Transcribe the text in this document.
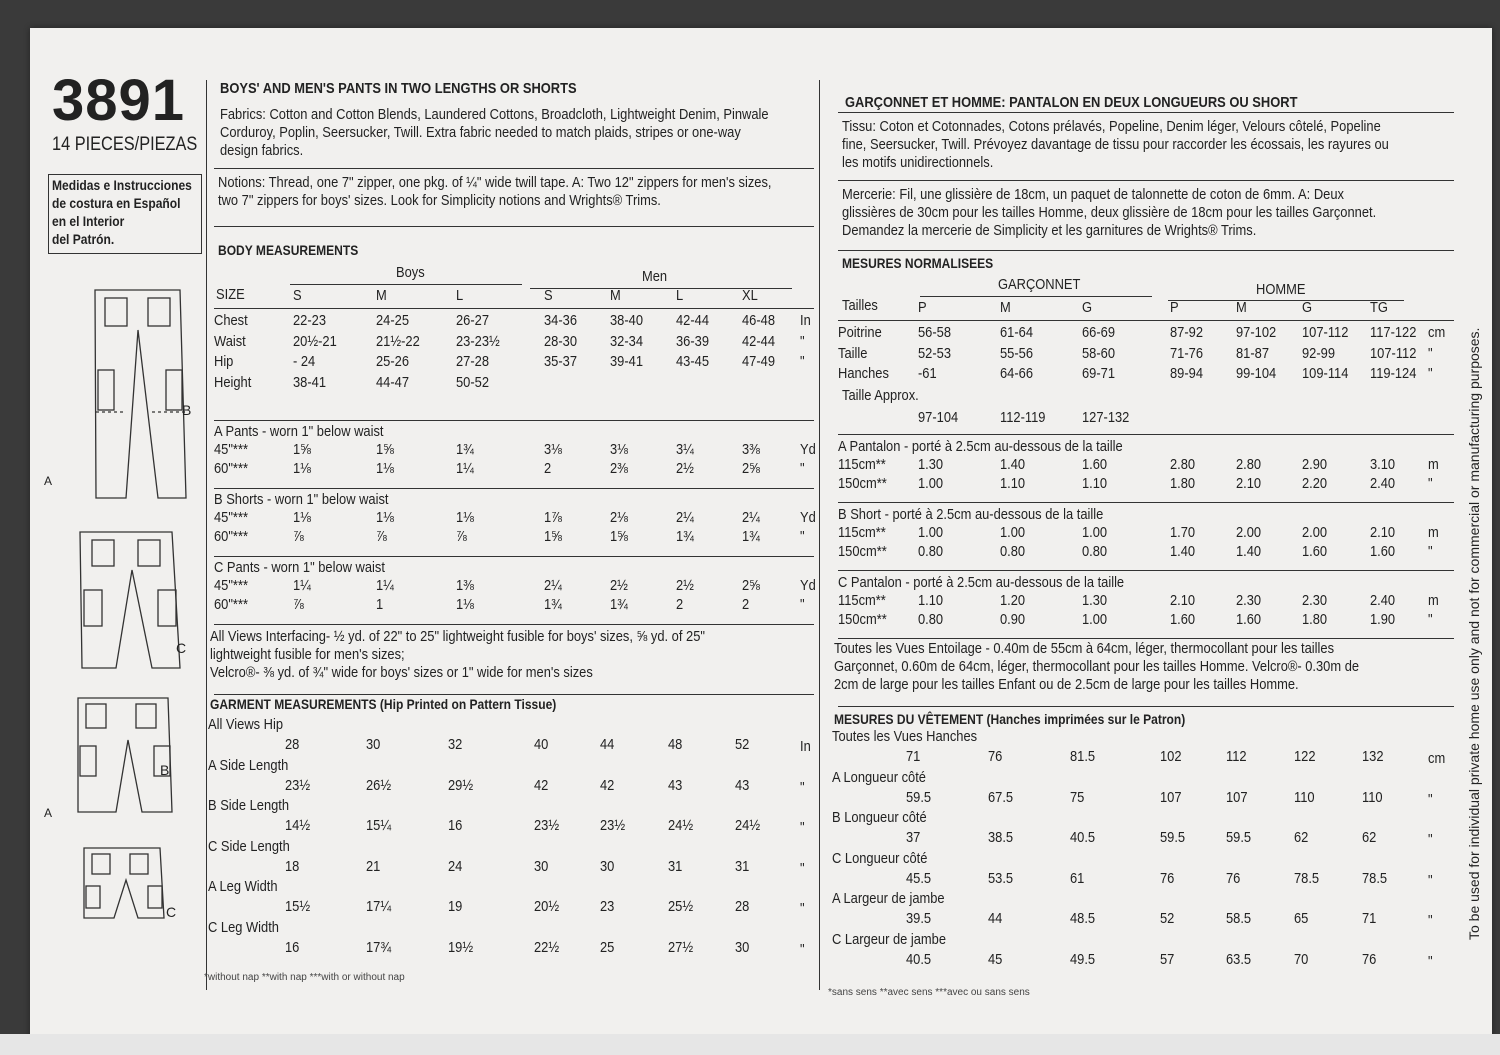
3891
14 PIECES/PIEZAS
Medidas e Instrucciones
de costura en Español
en el Interior
del Patrón.
B
A
C
B
A
C
BOYS' AND MEN'S PANTS IN TWO LENGTHS OR SHORTS
Fabrics: Cotton and Cotton Blends, Laundered Cottons, Broadcloth, Lightweight Denim, Pinwale
Corduroy, Poplin, Seersucker, Twill. Extra fabric needed to match plaids, stripes or one-way
design fabrics.
Notions: Thread, one 7" zipper, one pkg. of ¼" wide twill tape. A: Two 12" zippers for men's sizes,
two 7" zippers for boys' sizes. Look for Simplicity notions and Wrights® Trims.
BODY MEASUREMENTS
Boys	Men
SIZE
All Views Interfacing- ½ yd. of 22" to 25" lightweight fusible for boys' sizes, ⅝ yd. of 25"
lightweight fusible for men's sizes;
Velcro®- ⅜ yd. of ¾" wide for boys' sizes or 1" wide for men's sizes
GARMENT MEASUREMENTS (Hip Printed on Pattern Tissue)
*without nap **with nap ***with or without nap
GARÇONNET ET HOMME: PANTALON EN DEUX LONGUEURS OU SHORT
Tissu: Coton et Cotonnades, Cotons prélavés, Popeline, Denim léger, Velours côtelé, Popeline
fine, Seersucker, Twill. Prévoyez davantage de tissu pour raccorder les écossais, les rayures ou
les motifs unidirectionnels.
Mercerie: Fil, une glissière de 18cm, un paquet de talonnette de coton de 6mm. A: Deux
glissières de 30cm pour les tailles Homme, deux glissière de 18cm pour les tailles Garçonnet.
Demandez la mercerie de Simplicity et les garnitures de Wrights® Trims.
MESURES NORMALISEES
GARÇONNET	HOMME
Tailles
Taille Approx.
Toutes les Vues Entoilage - 0.40m de 55cm à 64cm, léger, thermocollant pour les tailles
Garçonnet, 0.60m de 64cm, léger, thermocollant pour les tailles Homme. Velcro®- 0.30m de
2cm de large pour les tailles Enfant ou de 2.5cm de large pour les tailles Homme.
MESURES DU VÊTEMENT (Hanches imprimées sur le Patron)
*sans sens **avec sens ***avec ou sans sens
To be used for individual private home use only and not for commercial or manufacturing purposes.
S	M	L	S	M	L	XL
Chest	22-23	24-25	26-27	34-36	38-40	42-44	46-48	In
Waist	20½-21	21½-22	23-23½	28-30	32-34	36-39	42-44	"
Hip	- 24	25-26	27-28	35-37	39-41	43-45	47-49	"
Height	38-41	44-47	50-52
A Pants - worn 1" below waist
45"***	1⅝	1⅝	1¾	3⅛	3⅛	3¼	3⅜	Yd
60"***	1⅛	1⅛	1¼	2	2⅜	2½	2⅝	"
B Shorts - worn 1" below waist
45"***	1⅛	1⅛	1⅛	1⅞	2⅛	2¼	2¼	Yd
60"***	⅞	⅞	⅞	1⅝	1⅝	1¾	1¾	"
C Pants - worn 1" below waist
45"***	1¼	1¼	1⅜	2¼	2½	2½	2⅝	Yd
60"***	⅞	1	1⅛	1¾	1¾	2	2	"
All Views Hip
28	30	32	40	44	48	52	In
A Side Length
23½	26½	29½	42	42	43	43	"
B Side Length
14½	15¼	16	23½	23½	24½	24½	"
C Side Length
18	21	24	30	30	31	31	"
A Leg Width
15½	17¼	19	20½	23	25½	28	"
C Leg Width
16	17¾	19½	22½	25	27½	30	"
P	M	G	P	M	G	TG
Poitrine	56-58	61-64	66-69	87-92	97-102	107-112	117-122 cm
Taille	52-53	55-56	58-60	71-76	81-87	92-99	107-112 "
Hanches	-61	64-66	69-71	89-94	99-104	109-114	119-124 "
97-104	112-119	127-132
A Pantalon - porté à 2.5cm au-dessous de la taille
115cm**	1.30	1.40	1.60	2.80	2.80	2.90	3.10 m
150cm**	1.00	1.10	1.10	1.80	2.10	2.20	2.40 "
B Short - porté à 2.5cm au-dessous de la taille
115cm**	1.00	1.00	1.00	1.70	2.00	2.00	2.10 m
150cm**	0.80	0.80	0.80	1.40	1.40	1.60	1.60 "
C Pantalon - porté à 2.5cm au-dessous de la taille
115cm**	1.10	1.20	1.30	2.10	2.30	2.30	2.40 m
150cm**	0.80	0.90	1.00	1.60	1.60	1.80	1.90 "
Toutes les Vues Hanches
71	76	81.5	102	112	122	132	cm
A Longueur côté
59.5	67.5	75	107	107	110	110	"
B Longueur côté
37	38.5	40.5	59.5	59.5	62	62	"
C Longueur côté
45.5	53.5	61	76	76	78.5	78.5	"
A Largeur de jambe
39.5	44	48.5	52	58.5	65	71	"
C Largeur de jambe
40.5	45	49.5	57	63.5	70	76	"
